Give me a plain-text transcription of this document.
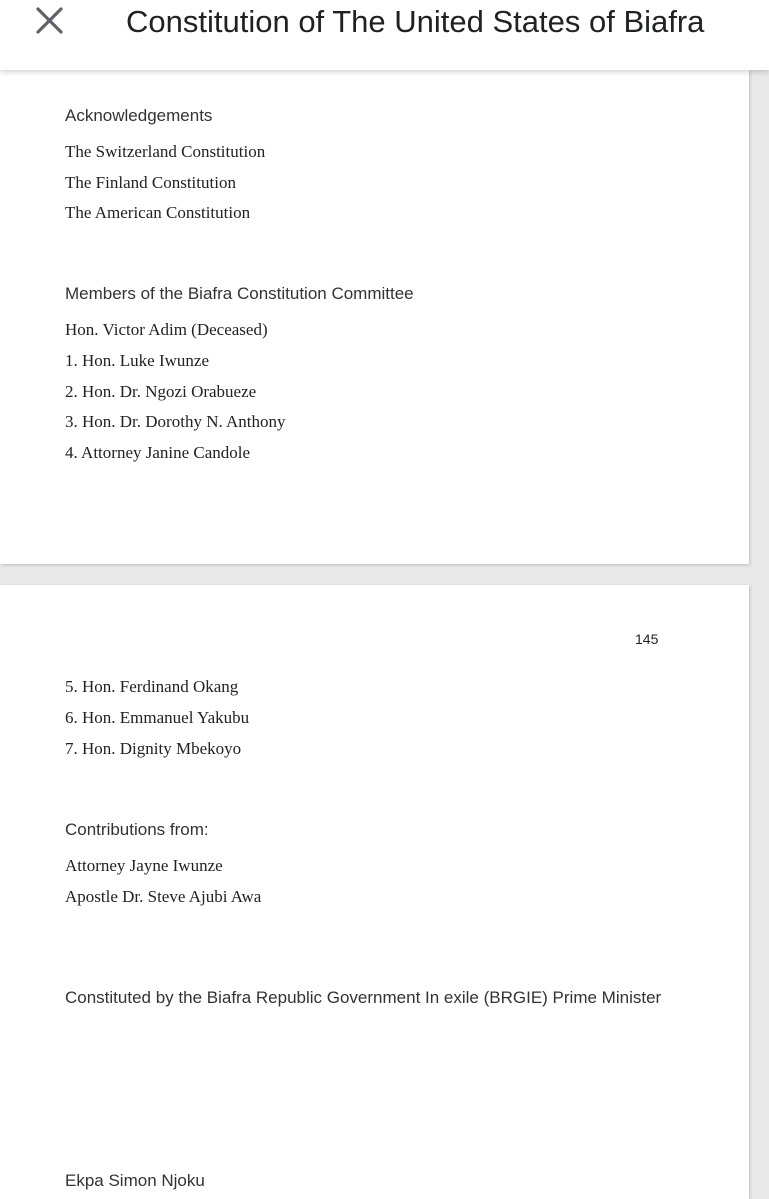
Constitution of The United States of Biafra
Acknowledgements
The Switzerland Constitution
The Finland Constitution
The American Constitution
Members of the Biafra Constitution Committee
Hon. Victor Adim (Deceased)
1. Hon. Luke Iwunze
2. Hon. Dr. Ngozi Orabueze
3. Hon. Dr. Dorothy N. Anthony
4. Attorney Janine Candole
145
5. Hon. Ferdinand Okang
6. Hon. Emmanuel Yakubu
7. Hon. Dignity Mbekoyo
Contributions from:
Attorney Jayne Iwunze
Apostle Dr. Steve Ajubi Awa
Constituted by the Biafra Republic Government In exile (BRGIE) Prime Minister
Ekpa Simon Njoku
